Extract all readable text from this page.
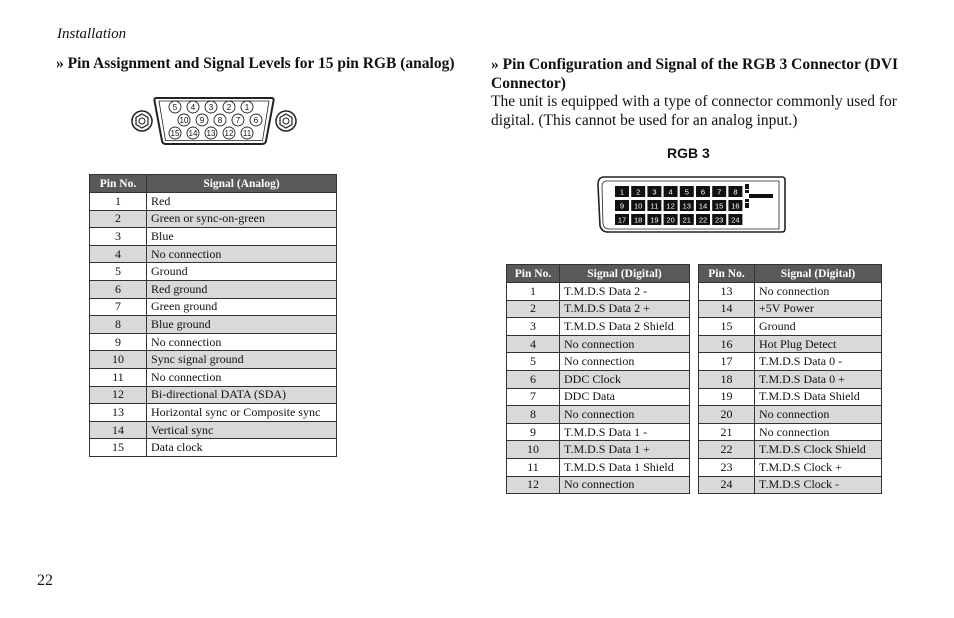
Installation
» Pin Assignment and Signal Levels for 15 pin RGB (analog)
5 4 3 2 1
10 9 8 7 6
15 14 13 12 11
Pin No.	Signal (Analog)
1	Red
2	Green or sync-on-green
3	Blue
4	No connection
5	Ground
6	Red ground
7	Green ground
8	Blue ground
9	No connection
10	Sync signal ground
11	No connection
12	Bi-directional DATA (SDA)
13	Horizontal sync or Composite sync
14	Vertical sync
15	Data clock
» Pin Configuration and Signal of the RGB 3 Connector (DVI Connector)
The unit is equipped with a type of connector commonly used for digital. (This cannot be used for an analog input.)
RGB 3
1 2 3 4 5 6 7 8
9 10 11 12 13 14 15 16
17 18 19 20 21 22 23 24
Pin No.	Signal (Digital)
1	T.M.D.S Data 2 -
2	T.M.D.S Data 2 +
3	T.M.D.S Data 2 Shield
4	No connection
5	No connection
6	DDC Clock
7	DDC Data
8	No connection
9	T.M.D.S Data 1 -
10	T.M.D.S Data 1 +
11	T.M.D.S Data 1 Shield
12	No connection
Pin No.	Signal (Digital)
13	No connection
14	+5V Power
15	Ground
16	Hot Plug Detect
17	T.M.D.S Data 0 -
18	T.M.D.S Data 0 +
19	T.M.D.S Data Shield
20	No connection
21	No connection
22	T.M.D.S Clock Shield
23	T.M.D.S Clock +
24	T.M.D.S Clock -
22
